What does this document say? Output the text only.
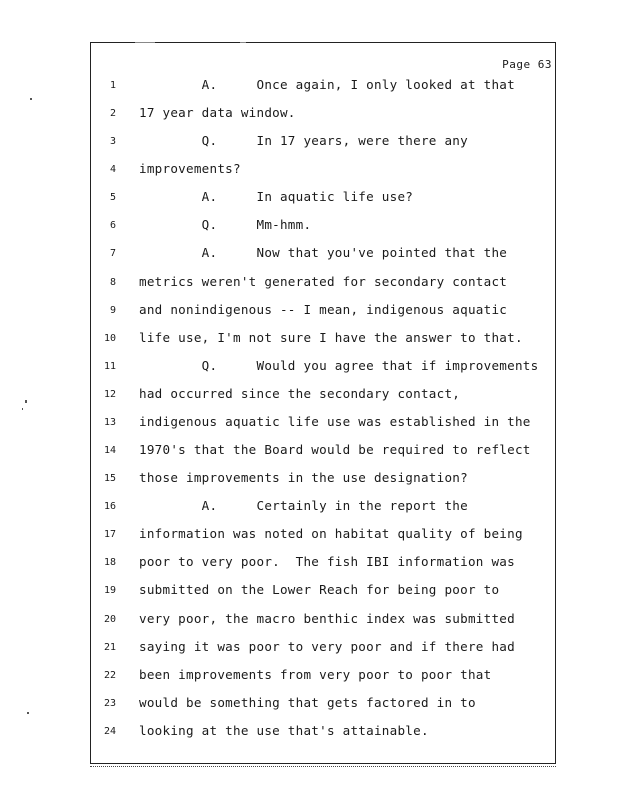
Page 63
1 A.     Once again, I only looked at that
2 17 year data window.
3 Q.     In 17 years, were there any
4 improvements?
5 A.     In aquatic life use?
6 Q.     Mm-hmm.
7 A.     Now that you've pointed that the
8 metrics weren't generated for secondary contact
9 and nonindigenous -- I mean, indigenous aquatic
10 life use, I'm not sure I have the answer to that.
11 Q.     Would you agree that if improvements
12 had occurred since the secondary contact,
13 indigenous aquatic life use was established in the
14 1970's that the Board would be required to reflect
15 those improvements in the use designation?
16 A.     Certainly in the report the
17 information was noted on habitat quality of being
18 poor to very poor.  The fish IBI information was
19 submitted on the Lower Reach for being poor to
20 very poor, the macro benthic index was submitted
21 saying it was poor to very poor and if there had
22 been improvements from very poor to poor that
23 would be something that gets factored in to
24 looking at the use that's attainable.
